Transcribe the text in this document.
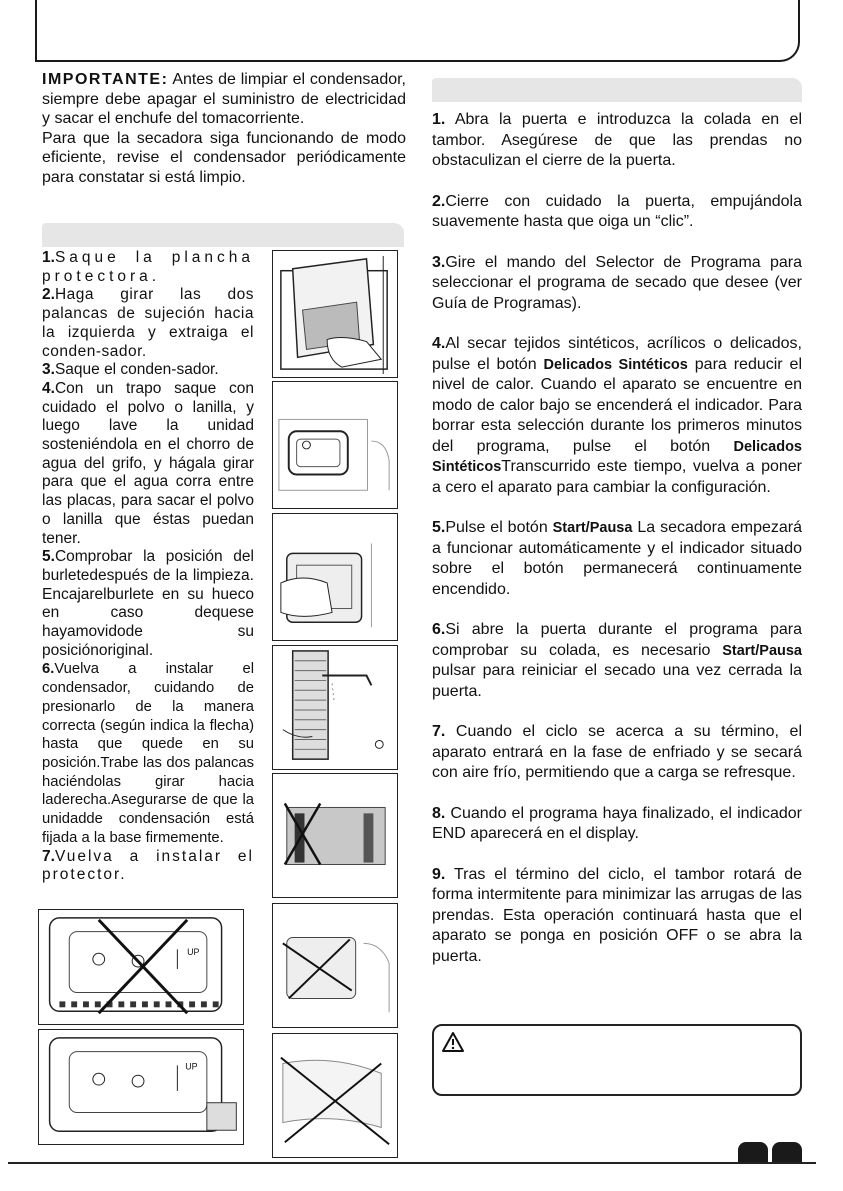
IMPORTANTE: Antes de limpiar el condensador, siempre debe apagar el suministro de electricidad y sacar el enchufe del tomacorriente.
Para que la secadora siga funcionando de modo eficiente, revise el condensador periódicamente para constatar si está limpio.

1.Saque la plancha protectora.

2.Haga girar las dos palancas de sujeción hacia la izquierda y extraiga el conden-sador.

3.Saque el conden-sador.

4.Con un trapo saque con cuidado el polvo o lanilla, y luego lave la unidad sosteniéndola en el chorro de agua del grifo, y hágala girar para que el agua corra entre las placas, para sacar el polvo o lanilla que éstas puedan tener.

5.Comprobar la posición del burletedespués de la limpieza. Encajarelburlete en su hueco en caso dequese hayamovidode su posiciónoriginal.

6.Vuelva a instalar el condensador, cuidando de presionarlo de la manera correcta (según indica la flecha) hasta que quede en su posición.Trabe las dos palancas haciéndolas girar hacia laderecha.Asegurarse de que la unidadde condensación está fijada a la base firmemente.

7.Vuelva a instalar el protector.

UP
UP

1. Abra la puerta e introduzca la colada en el tambor. Asegúrese de que las prendas no obstaculizan el cierre de la puerta.

2.Cierre con cuidado la puerta, empujándola suavemente hasta que oiga un “clic”.

3.Gire el mando del Selector de Programa para seleccionar el programa de secado que desee (ver Guía de Programas).

4.Al secar tejidos sintéticos, acrílicos o delicados, pulse el botón Delicados Sintéticos para reducir el nivel de calor. Cuando el aparato se encuentre en modo de calor bajo se encenderá el indicador. Para borrar esta selección durante los primeros minutos del programa, pulse el botón Delicados SintéticosTranscurrido este tiempo, vuelva a poner a cero el aparato para cambiar la configuración.

5.Pulse el botón Start/Pausa La secadora empezará a funcionar automáticamente y el indicador situado sobre el botón permanecerá continuamente encendido.

6.Si abre la puerta durante el programa para comprobar su colada, es necesario Start/Pausa pulsar para reiniciar el secado una vez cerrada la puerta.

7. Cuando el ciclo se acerca a su término, el aparato entrará en la fase de enfriado y se secará con aire frío, permitiendo que a carga se refresque.

8. Cuando el programa haya finalizado, el indicador END aparecerá en el display.

9. Tras el término del ciclo, el tambor rotará de forma intermitente para minimizar las arrugas de las prendas. Esta operación continuará hasta que el aparato se ponga en posición OFF o se abra la puerta.
